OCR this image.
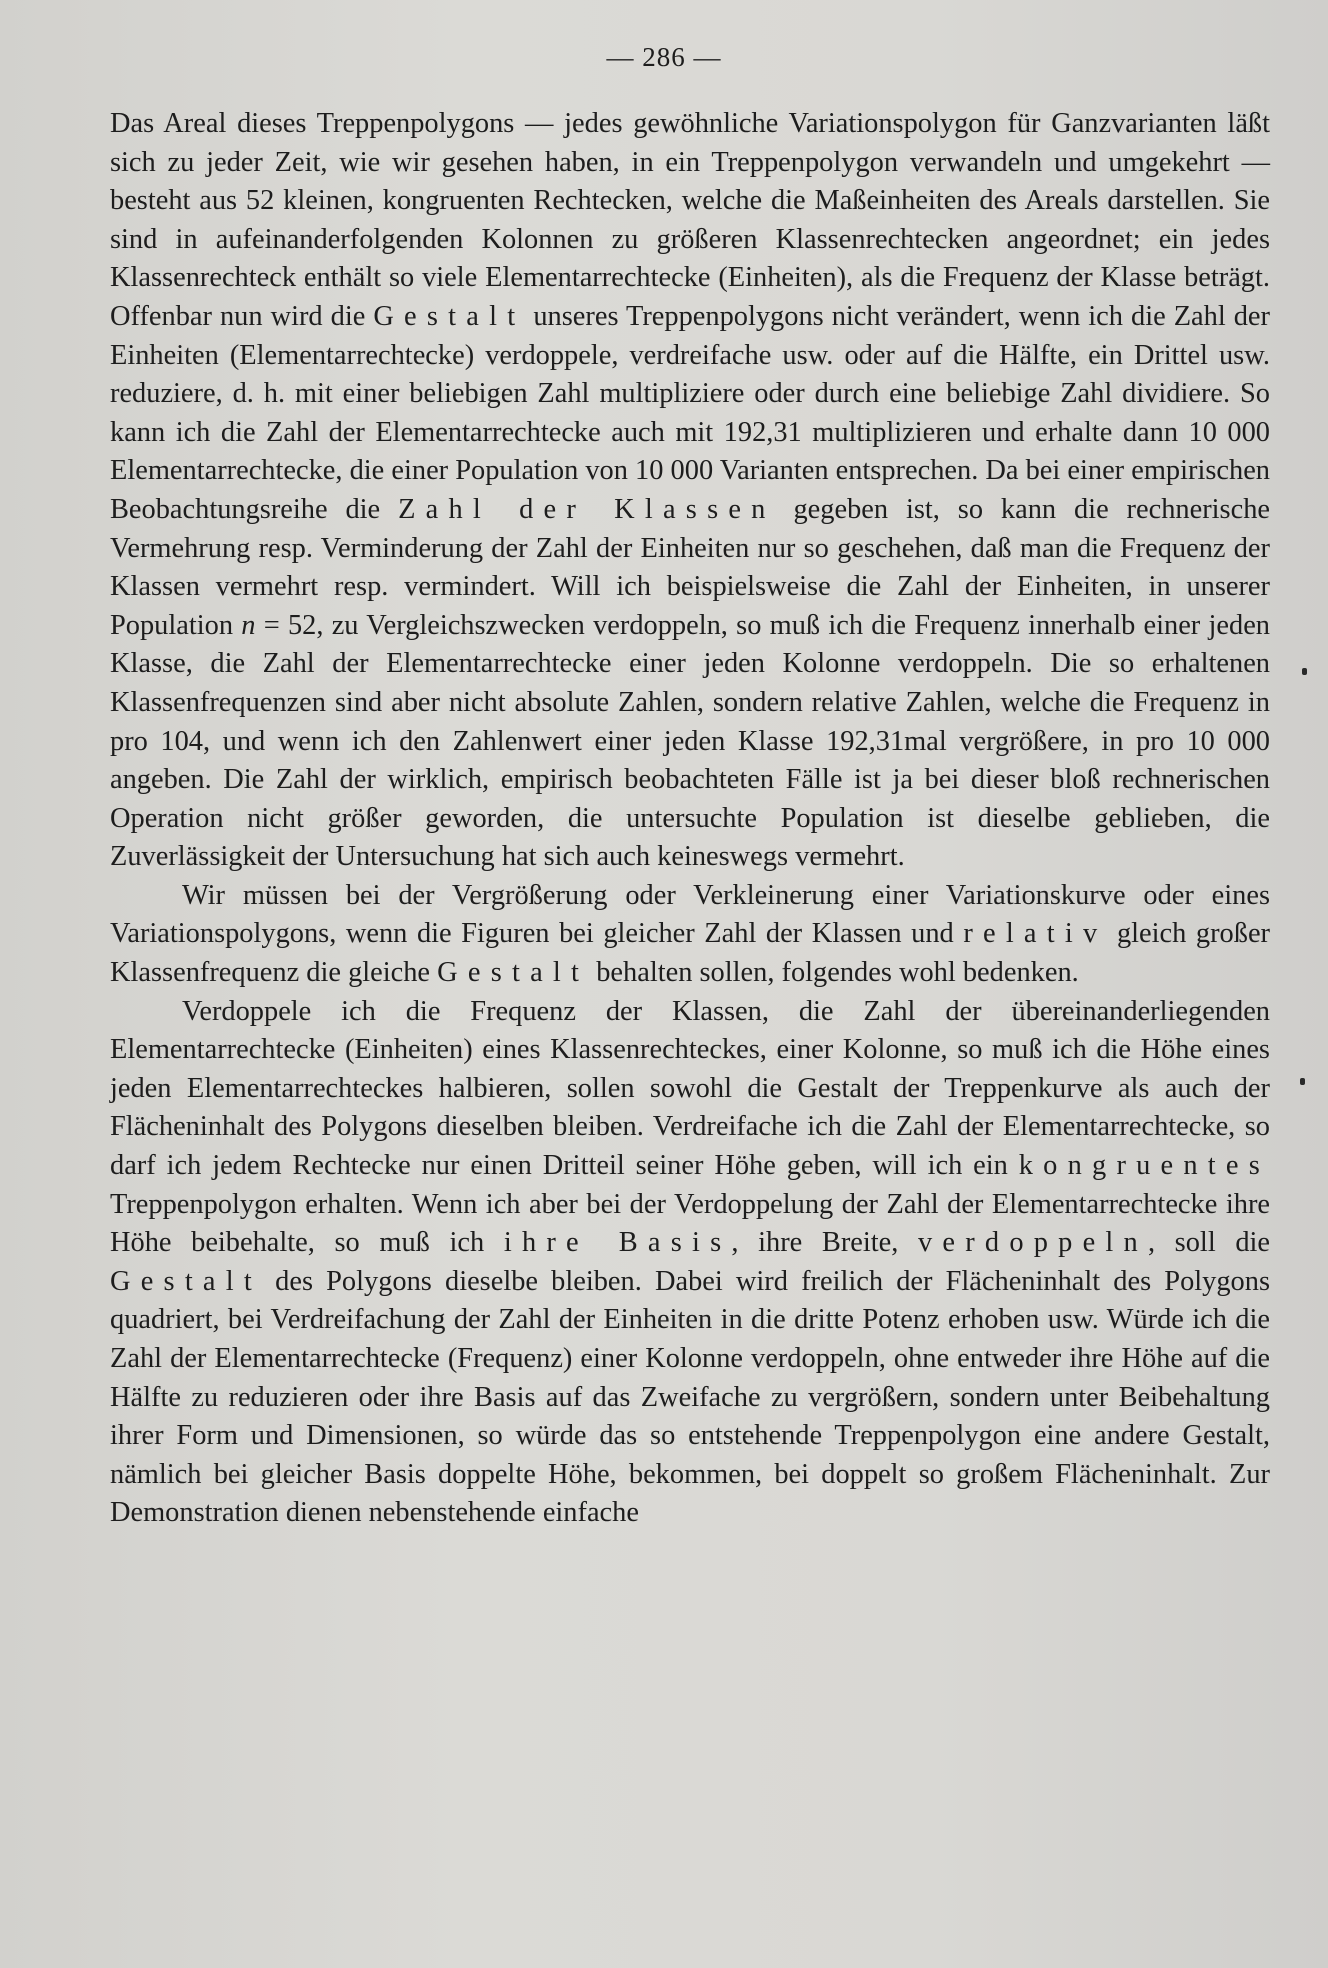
— 286 —

Das Areal dieses Treppenpolygons — jedes gewöhnliche Variationspolygon für Ganzvarianten läßt sich zu jeder Zeit, wie wir gesehen haben, in ein Treppenpolygon verwandeln und umgekehrt — besteht aus 52 kleinen, kongruenten Rechtecken, welche die Maßeinheiten des Areals darstellen. Sie sind in aufeinanderfolgenden Kolonnen zu größeren Klassenrechtecken angeordnet; ein jedes Klassenrechteck enthält so viele Elementarrechtecke (Einheiten), als die Frequenz der Klasse beträgt. Offenbar nun wird die Gestalt unseres Treppenpolygons nicht verändert, wenn ich die Zahl der Einheiten (Elementarrechtecke) verdoppele, verdreifache usw. oder auf die Hälfte, ein Drittel usw. reduziere, d. h. mit einer beliebigen Zahl multipliziere oder durch eine beliebige Zahl dividiere. So kann ich die Zahl der Elementarrechtecke auch mit 192,31 multiplizieren und erhalte dann 10 000 Elementarrechtecke, die einer Population von 10 000 Varianten entsprechen. Da bei einer empirischen Beobachtungsreihe die Zahl der Klassen gegeben ist, so kann die rechnerische Vermehrung resp. Verminderung der Zahl der Einheiten nur so geschehen, daß man die Frequenz der Klassen vermehrt resp. vermindert. Will ich beispielsweise die Zahl der Einheiten, in unserer Population n = 52, zu Vergleichszwecken verdoppeln, so muß ich die Frequenz innerhalb einer jeden Klasse, die Zahl der Elementarrechtecke einer jeden Kolonne verdoppeln. Die so erhaltenen Klassenfrequenzen sind aber nicht absolute Zahlen, sondern relative Zahlen, welche die Frequenz in pro 104, und wenn ich den Zahlenwert einer jeden Klasse 192,31mal vergrößere, in pro 10 000 angeben. Die Zahl der wirklich, empirisch beobachteten Fälle ist ja bei dieser bloß rechnerischen Operation nicht größer geworden, die untersuchte Population ist dieselbe geblieben, die Zuverlässigkeit der Untersuchung hat sich auch keineswegs vermehrt.

Wir müssen bei der Vergrößerung oder Verkleinerung einer Variationskurve oder eines Variationspolygons, wenn die Figuren bei gleicher Zahl der Klassen und relativ gleich großer Klassenfrequenz die gleiche Gestalt behalten sollen, folgendes wohl bedenken.

Verdoppele ich die Frequenz der Klassen, die Zahl der übereinanderliegenden Elementarrechtecke (Einheiten) eines Klassenrechteckes, einer Kolonne, so muß ich die Höhe eines jeden Elementarrechteckes halbieren, sollen sowohl die Gestalt der Treppenkurve als auch der Flächeninhalt des Polygons dieselben bleiben. Verdreifache ich die Zahl der Elementarrechtecke, so darf ich jedem Rechtecke nur einen Dritteil seiner Höhe geben, will ich ein kongruentes Treppenpolygon erhalten. Wenn ich aber bei der Verdoppelung der Zahl der Elementarrechtecke ihre Höhe beibehalte, so muß ich ihre Basis, ihre Breite, verdoppeln, soll die Gestalt des Polygons dieselbe bleiben. Dabei wird freilich der Flächeninhalt des Polygons quadriert, bei Verdreifachung der Zahl der Einheiten in die dritte Potenz erhoben usw. Würde ich die Zahl der Elementarrechtecke (Frequenz) einer Kolonne verdoppeln, ohne entweder ihre Höhe auf die Hälfte zu reduzieren oder ihre Basis auf das Zweifache zu vergrößern, sondern unter Beibehaltung ihrer Form und Dimensionen, so würde das so entstehende Treppenpolygon eine andere Gestalt, nämlich bei gleicher Basis doppelte Höhe, bekommen, bei doppelt so großem Flächeninhalt. Zur Demonstration dienen nebenstehende einfache
